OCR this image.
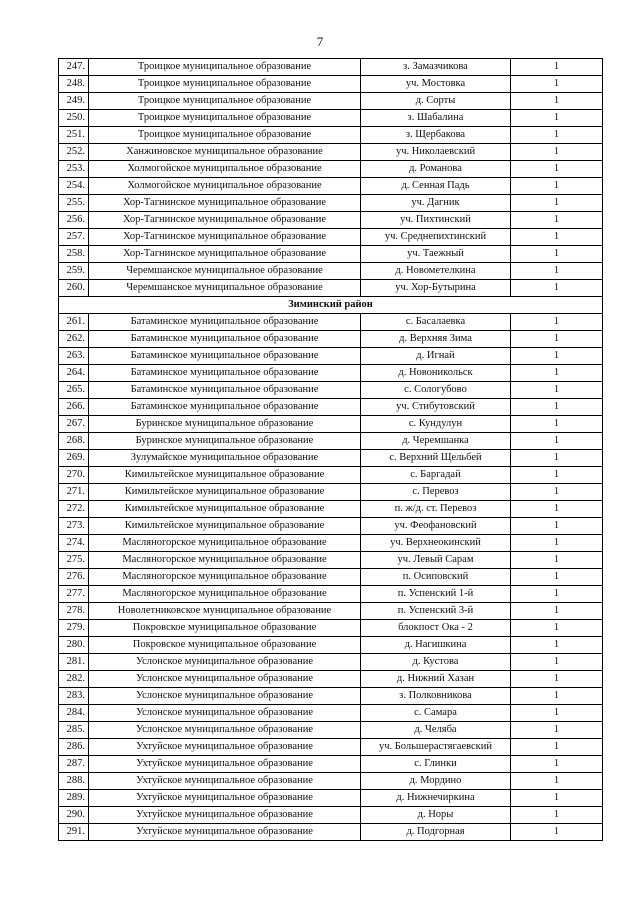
7
247.	Троицкое муниципальное образование	з. Замазчикова	1
248.	Троицкое муниципальное образование	уч. Мостовка	1
249.	Троицкое муниципальное образование	д. Сорты	1
250.	Троицкое муниципальное образование	з. Шабалина	1
251.	Троицкое муниципальное образование	з. Щербакова	1
252.	Ханжиновское муниципальное образование	уч. Николаевский	1
253.	Холмогойское муниципальное образование	д. Романова	1
254.	Холмогойское муниципальное образование	д. Сенная Падь	1
255.	Хор-Тагнинское муниципальное образование	уч. Дагник	1
256.	Хор-Тагнинское муниципальное образование	уч. Пихтинский	1
257.	Хор-Тагнинское муниципальное образование	уч. Среднепихтинский	1
258.	Хор-Тагнинское муниципальное образование	уч. Таежный	1
259.	Черемшанское муниципальное образование	д. Новометелкина	1
260.	Черемшанское муниципальное образование	уч. Хор-Бутырина	1
Зиминский район			
261.	Батаминское муниципальное образование	с. Басалаевка	1
262.	Батаминское муниципальное образование	д. Верхняя Зима	1
263.	Батаминское муниципальное образование	д. Игнай	1
264.	Батаминское муниципальное образование	д. Новоникольск	1
265.	Батаминское муниципальное образование	с. Сологубово	1
266.	Батаминское муниципальное образование	уч. Стибутовский	1
267.	Буринское муниципальное образование	с. Кундулун	1
268.	Буринское муниципальное образование	д. Черемшанка	1
269.	Зулумайское муниципальное образование	с. Верхний Щельбей	1
270.	Кимильтейское муниципальное образование	с. Баргадай	1
271.	Кимильтейское муниципальное образование	с. Перевоз	1
272.	Кимильтейское муниципальное образование	п. ж/д. ст. Перевоз	1
273.	Кимильтейское муниципальное образование	уч. Феофановский	1
274.	Масляногорское муниципальное образование	уч. Верхнеокинский	1
275.	Масляногорское муниципальное образование	уч. Левый Сарам	1
276.	Масляногорское муниципальное образование	п. Осиповский	1
277.	Масляногорское муниципальное образование	п. Успенский 1-й	1
278.	Новолетниковское муниципальное образование	п. Успенский 3-й	1
279.	Покровское муниципальное образование	блокпост Ока - 2	1
280.	Покровское муниципальное образование	д. Нагишкина	1
281.	Услонское муниципальное образование	д. Кустова	1
282.	Услонское муниципальное образование	д. Нижний Хазан	1
283.	Услонское муниципальное образование	з. Полковникова	1
284.	Услонское муниципальное образование	с. Самара	1
285.	Услонское муниципальное образование	д. Челяба	1
286.	Ухтуйское муниципальное образование	уч. Большерастягаевский	1
287.	Ухтуйское муниципальное образование	с. Глинки	1
288.	Ухтуйское муниципальное образование	д. Мордино	1
289.	Ухтуйское муниципальное образование	д. Нижнечиркина	1
290.	Ухтуйское муниципальное образование	д. Норы	1
291.	Ухтуйское муниципальное образование	д. Подгорная	1
